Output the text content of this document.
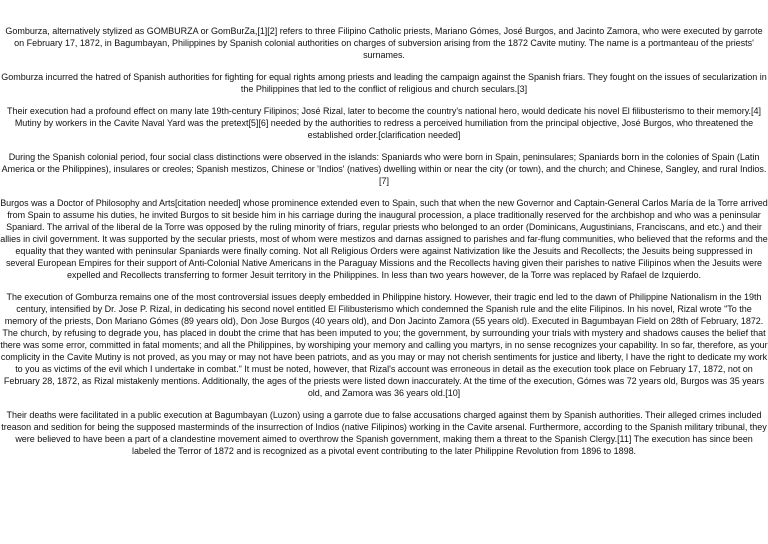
Gomburza, alternatively stylized as GOMBURZA or GomBurZa,[1][2] refers to three Filipino Catholic priests, Mariano Gómes, José Burgos, and Jacinto Zamora, who were executed by garrote on February 17, 1872, in Bagumbayan, Philippines by Spanish colonial authorities on charges of subversion arising from the 1872 Cavite mutiny. The name is a portmanteau of the priests' surnames.

Gomburza incurred the hatred of Spanish authorities for fighting for equal rights among priests and leading the campaign against the Spanish friars. They fought on the issues of secularization in the Philippines that led to the conflict of religious and church seculars.[3]

Their execution had a profound effect on many late 19th-century Filipinos; José Rizal, later to become the country's national hero, would dedicate his novel El filibusterismo to their memory.[4] Mutiny by workers in the Cavite Naval Yard was the pretext[5][6] needed by the authorities to redress a perceived humiliation from the principal objective, José Burgos, who threatened the established order.[clarification needed]

During the Spanish colonial period, four social class distinctions were observed in the islands: Spaniards who were born in Spain, peninsulares; Spaniards born in the colonies of Spain (Latin America or the Philippines), insulares or creoles; Spanish mestizos, Chinese or 'Indios' (natives) dwelling within or near the city (or town), and the church; and Chinese, Sangley, and rural Indios.[7]

Burgos was a Doctor of Philosophy and Arts[citation needed] whose prominence extended even to Spain, such that when the new Governor and Captain-General Carlos María de la Torre arrived from Spain to assume his duties, he invited Burgos to sit beside him in his carriage during the inaugural procession, a place traditionally reserved for the archbishop and who was a peninsular Spaniard. The arrival of the liberal de la Torre was opposed by the ruling minority of friars, regular priests who belonged to an order (Dominicans, Augustinians, Franciscans, and etc.) and their allies in civil government. It was supported by the secular priests, most of whom were mestizos and darnas assigned to parishes and far-flung communities, who believed that the reforms and the equality that they wanted with peninsular Spaniards were finally coming. Not all Religious Orders were against Nativization like the Jesuits and Recollects; the Jesuits being suppressed in several European Empires for their support of Anti-Colonial Native Americans in the Paraguay Missions and the Recollects having given their parishes to native Filipinos when the Jesuits were expelled and Recollects transferring to former Jesuit territory in the Philippines. In less than two years however, de la Torre was replaced by Rafael de Izquierdo.

The execution of Gomburza remains one of the most controversial issues deeply embedded in Philippine history. However, their tragic end led to the dawn of Philippine Nationalism in the 19th century, intensified by Dr. Jose P. Rizal, in dedicating his second novel entitled El Filibusterismo which condemned the Spanish rule and the elite Filipinos. In his novel, Rizal wrote "To the memory of the priests, Don Mariano Gómes (89 years old), Don Jose Burgos (40 years old), and Don Jacinto Zamora (55 years old). Executed in Bagumbayan Field on 28th of February, 1872. The church, by refusing to degrade you, has placed in doubt the crime that has been imputed to you; the government, by surrounding your trials with mystery and shadows causes the belief that there was some error, committed in fatal moments; and all the Philippines, by worshiping your memory and calling you martyrs, in no sense recognizes your capability. In so far, therefore, as your complicity in the Cavite Mutiny is not proved, as you may or may not have been patriots, and as you may or may not cherish sentiments for justice and liberty, I have the right to dedicate my work to you as victims of the evil which I undertake in combat." It must be noted, however, that Rizal's account was erroneous in detail as the execution took place on February 17, 1872, not on February 28, 1872, as Rizal mistakenly mentions. Additionally, the ages of the priests were listed down inaccurately. At the time of the execution, Gómes was 72 years old, Burgos was 35 years old, and Zamora was 36 years old.[10]

Their deaths were facilitated in a public execution at Bagumbayan (Luzon) using a garrote due to false accusations charged against them by Spanish authorities. Their alleged crimes included treason and sedition for being the supposed masterminds of the insurrection of Indios (native Filipinos) working in the Cavite arsenal. Furthermore, according to the Spanish military tribunal, they were believed to have been a part of a clandestine movement aimed to overthrow the Spanish government, making them a threat to the Spanish Clergy.[11] The execution has since been labeled the Terror of 1872 and is recognized as a pivotal event contributing to the later Philippine Revolution from 1896 to 1898.
